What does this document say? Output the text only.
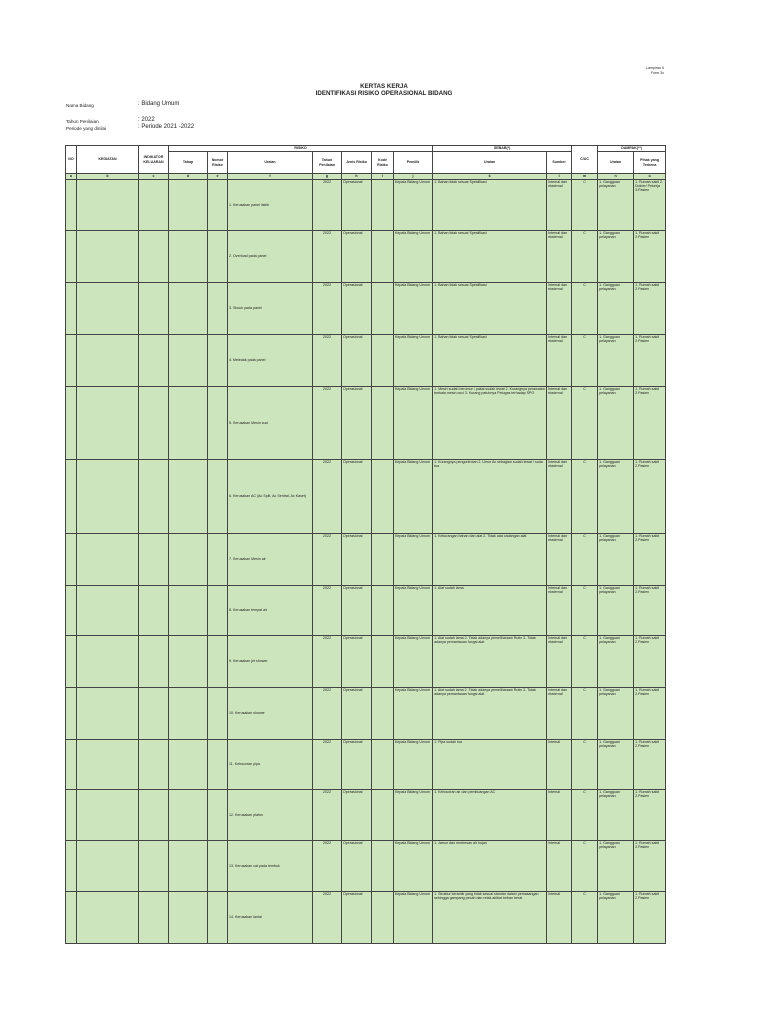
Lampiran II
Form 3c
KERTAS KERJA
IDENTIFIKASI RISIKO OPERASIONAL BIDANG
Nama Bidang	: Bidang Umum
Tahun Penilaian	: 2022
Periode yang dinilai	: Periode 2021 -2022
NO	KEGIATAN	INDIKATOR KELUARAN	RISIKO							SEBAB(*)		C/UC	DAMPAK(**)	
			Tahap	Nomor Risiko	Uraian	Tahun Penilaian	Jenis Risiko	Kode Risiko	Pemilik	Uraian	Sumber		Uraian	Pihak yang Terkena
a	b	c	d	e	f	g	h	i	j	k	l	m	n	o
					1. Kerusakan panel listrik	2022	Operasional		Kepala Bidang Umum	1. Bahan tidak sesuai Spesifikasi	Internal dan eksternal	C	1. Gangguan pelayanan	1. Rumah sakit 2. Dokter/ Pekerja 3.Pasien
					2. Overload pada panel	2022	Operasional		Kepala Bidang Umum	1. Bahan tidak sesuai Spesifikasi	Internal dan eksternal	C	1. Gangguan pelayanan	1. Rumah sakit 2.Pasien
					3. Shock pada panel	2022	Operasional		Kepala Bidang Umum	1. Bahan tidak sesuai Spesifikasi	Internal dan eksternal	C	1. Gangguan pelayanan	1. Rumah sakit 2.Pasien
					4. Meledak pada panel	2022	Operasional		Kepala Bidang Umum	1. Bahan tidak sesuai Spesifikasi	Internal dan eksternal	C	1. Gangguan pelayanan	1. Rumah sakit 2.Pasien
					5. Kerusakan Mesin cuci	2022	Operasional		Kepala Bidang Umum	1. Mesin sudah berumur / pakai sudah lewat 2. Kurangnya perawatan berkala mesin cuci 3. Kurang patuhnya Petugas terhadap SPO	Internal dan eksternal	C	1. Gangguan pelayanan	1. Rumah sakit 2.Pasien
					6. Kerusakan AC (Ac Split, Ac Sentral, Ac Kaset)	2022	Operasional		Kepala Bidang Umum	1. Kurangnya pengontrolan 2. Umur Ac sebagian sudah lewat / suda tua	Internal dan eksternal	C	1. Gangguan pelayanan	1. Rumah sakit 2.Pasien
					7. Kerusakan Mesin air	2022	Operasional		Kepala Bidang Umum	1. Kekurangan bahan dan alat 2. Tidak ada cadangan alat	Internal dan eksternal	C	1. Gangguan pelayanan	1. Rumah sakit 2.Pasien
					8. Kerusakan tempat air	2022	Operasional		Kepala Bidang Umum	1. Alat sudah lama	Internal dan eksternal	C	1. Gangguan pelayanan	1. Rumah sakit 2.Pasien
					9. Kerusakan jet shower	2022	Operasional		Kepala Bidang Umum	1. Alat sudah lama 2. Tidak adanya pemeliharaan Rutin 3. Tidak adanya pemantauan fungsi alat	Internal dan eksternal	C	1. Gangguan pelayanan	1. Rumah sakit 2.Pasien
					10. Kerusakan shower	2022	Operasional		Kepala Bidang Umum	1. Alat sudah lama 2. Tidak adanya pemeliharaan Rutin 3. Tidak adanya pemantauan fungsi alat	Internal dan eksternal	C	1. Gangguan pelayanan	1. Rumah sakit 2.Pasien
					11. Kebocoran pipa	2022	Operasional		Kepala Bidang Umum	1. Pipa sudah tua	Internal	C	1. Gangguan pelayanan	1. Rumah sakit 2.Pasien
					12. Kerusakan plafon	2022	Operasional		Kepala Bidang Umum	1. Kebocoran air dan pembuangan AC	Internal	C	1. Gangguan pelayanan	1. Rumah sakit 2.Pasien
					13. Kerusakan cat pada tembok	2022	Operasional		Kepala Bidang Umum	1. Jamur dan rembesan air hujan	Internal	C	1. Gangguan pelayanan	1. Rumah sakit 2.Pasien
					14. Kerusakan lantai	2022	Operasional		Kepala Bidang Umum	1. Struktur keramik yang tidak sesuai standar dalam pemasangan sehingga gampang pecah dan retak akibat beban berat	Internal	C	1. Gangguan pelayanan	1. Rumah sakit 2.Pasien
